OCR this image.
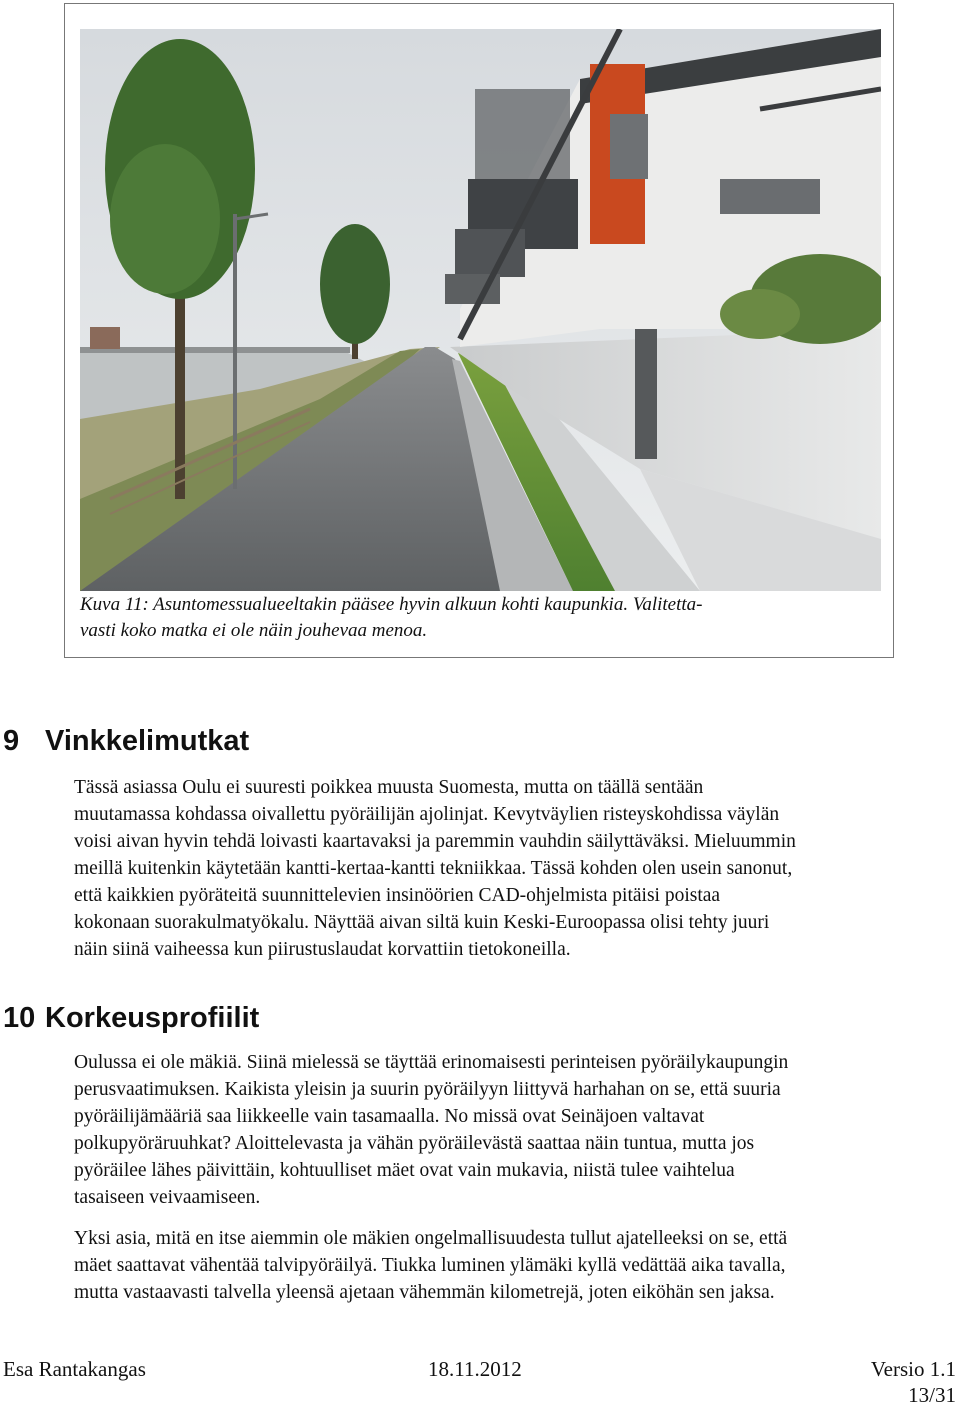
Kuva 11: Asuntomessualueeltakin pääsee hyvin alkuun kohti kaupunkia. Valitetta-
vasti koko matka ei ole näin jouhevaa menoa.

9 Vinkkelimutkat

Tässä asiassa Oulu ei suuresti poikkea muusta Suomesta, mutta on täällä sentään
muutamassa kohdassa oivallettu pyöräilijän ajolinjat. Kevytväylien risteyskohdissa väylän
voisi aivan hyvin tehdä loivasti kaartavaksi ja paremmin vauhdin säilyttäväksi. Mieluummin
meillä kuitenkin käytetään kantti-kertaa-kantti tekniikkaa. Tässä kohden olen usein sanonut,
että kaikkien pyöräteitä suunnittelevien insinöörien CAD-ohjelmista pitäisi poistaa
kokonaan suorakulmatyökalu. Näyttää aivan siltä kuin Keski-Euroopassa olisi tehty juuri
näin siinä vaiheessa kun piirustuslaudat korvattiin tietokoneilla.

10 Korkeusprofiilit

Oulussa ei ole mäkiä. Siinä mielessä se täyttää erinomaisesti perinteisen pyöräilykaupungin
perusvaatimuksen. Kaikista yleisin ja suurin pyöräilyyn liittyvä harhahan on se, että suuria
pyöräilijämääriä saa liikkeelle vain tasamaalla. No missä ovat Seinäjoen valtavat
polkupyöräruuhkat? Aloittelevasta ja vähän pyöräilevästä saattaa näin tuntua, mutta jos
pyöräilee lähes päivittäin, kohtuulliset mäet ovat vain mukavia, niistä tulee vaihtelua
tasaiseen veivaamiseen.

Yksi asia, mitä en itse aiemmin ole mäkien ongelmallisuudesta tullut ajatelleeksi on se, että
mäet saattavat vähentää talvipyöräilyä. Tiukka luminen ylämäki kyllä vedättää aika tavalla,
mutta vastaavasti talvella yleensä ajetaan vähemmän kilometrejä, joten eiköhän sen jaksa.

Esa Rantakangas	18.11.2012	Versio 1.1
13/31
